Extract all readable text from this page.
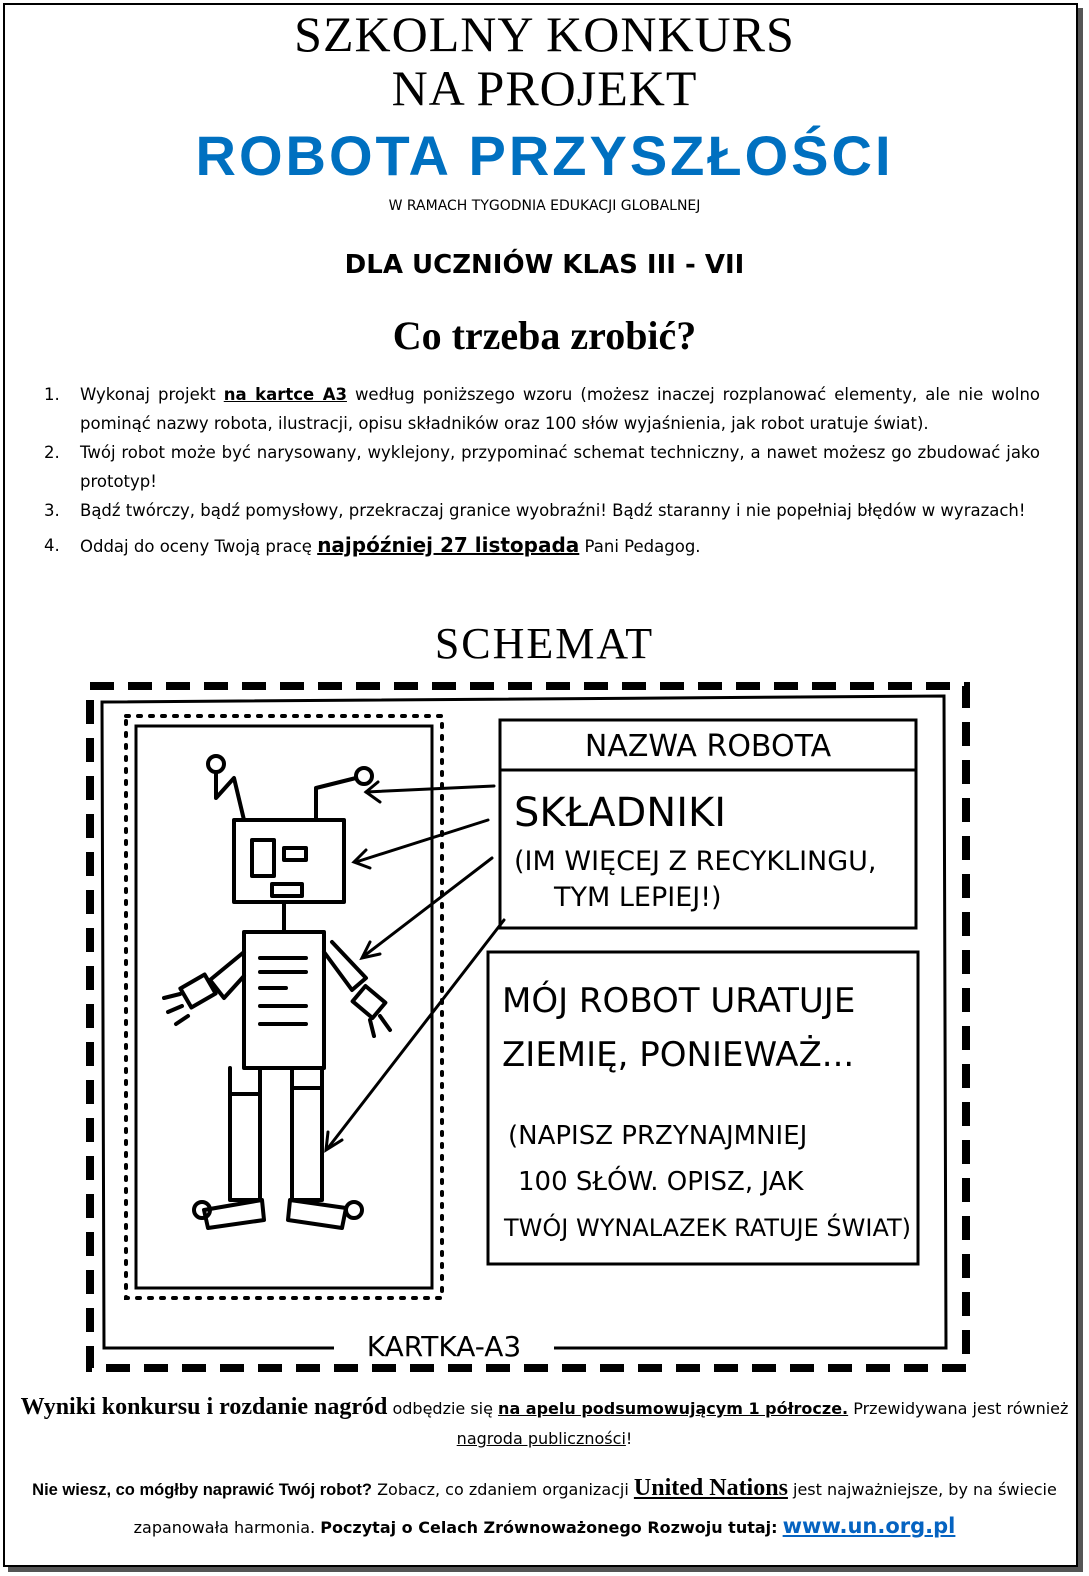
SZKOLNY KONKURS
NA PROJEKT
ROBOTA PRZYSZŁOŚCI
W RAMACH TYGODNIA EDUKACJI GLOBALNEJ
DLA UCZNIÓW KLAS III - VII
Co trzeba zrobić?
1. Wykonaj projekt na kartce A3 według poniższego wzoru (możesz inaczej rozplanować elementy, ale nie wolno pominąć nazwy robota, ilustracji, opisu składników oraz 100 słów wyjaśnienia, jak robot uratuje świat).
2. Twój robot może być narysowany, wyklejony, przypominać schemat techniczny, a nawet możesz go zbudować jako prototyp!
3. Bądź twórczy, bądź pomysłowy, przekraczaj granice wyobraźni! Bądź staranny i nie popełniaj błędów w wyrazach!
4. Oddaj do oceny Twoją pracę najpóźniej 27 listopada Pani Pedagog.
SCHEMAT
NAZWA ROBOTA
SKŁADNIKI
(IM WIĘCEJ Z RECYKLINGU,
TYM LEPIEJ!)
MÓJ ROBOT URATUJE
ZIEMIĘ, PONIEWAŻ...
(NAPISZ PRZYNAJMNIEJ
100 SŁÓW. OPISZ, JAK
TWÓJ WYNALAZEK RATUJE ŚWIAT)
KARTKA-A3
Wyniki konkursu i rozdanie nagród odbędzie się na apelu podsumowującym 1 półrocze. Przewidywana jest również nagroda publiczności!
Nie wiesz, co mógłby naprawić Twój robot? Zobacz, co zdaniem organizacji United Nations jest najważniejsze, by na świecie zapanowała harmonia. Poczytaj o Celach Zrównoważonego Rozwoju tutaj: www.un.org.pl
